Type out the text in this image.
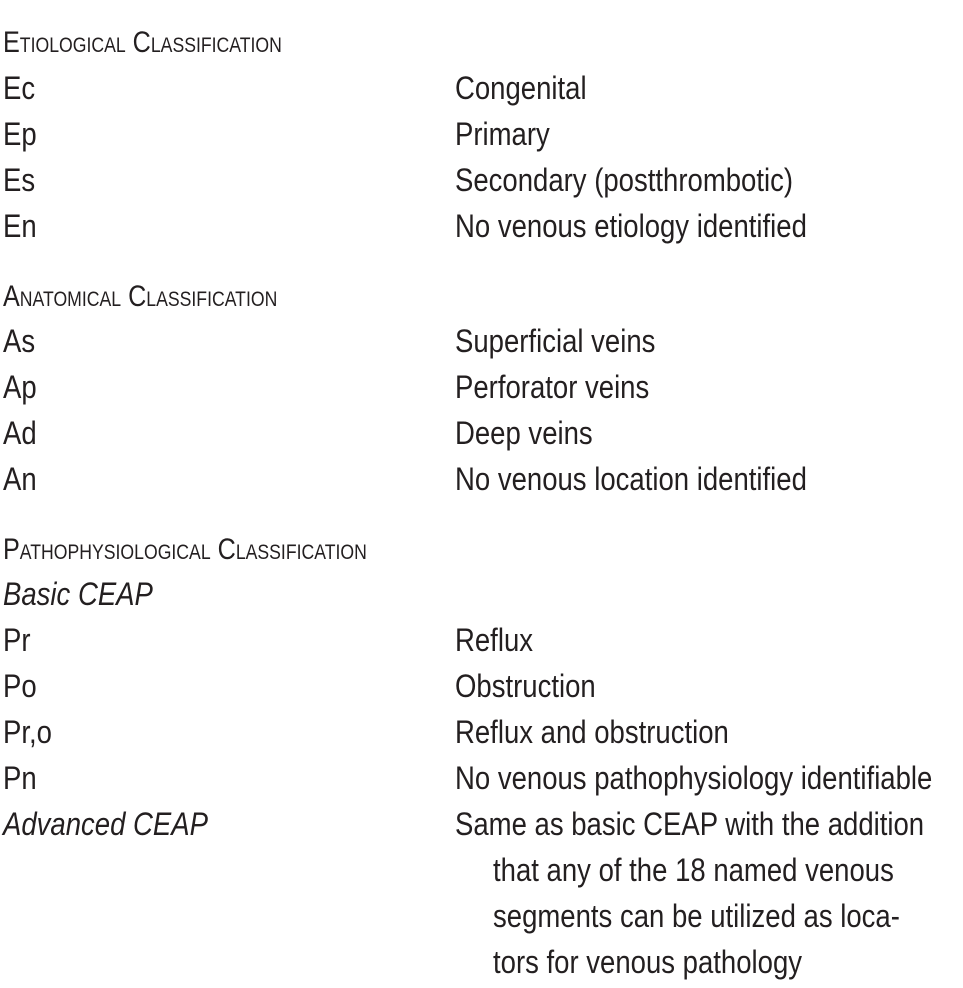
Etiological Classification
Ec	Congenital
Ep	Primary
Es	Secondary (postthrombotic)
En	No venous etiology identified
Anatomical Classification
As	Superficial veins
Ap	Perforator veins
Ad	Deep veins
An	No venous location identified
Pathophysiological Classification
Basic CEAP
Pr	Reflux
Po	Obstruction
Pr,o	Reflux and obstruction
Pn	No venous pathophysiology identifiable
Advanced CEAP	Same as basic CEAP with the addition
that any of the 18 named venous
segments can be utilized as loca-
tors for venous pathology
